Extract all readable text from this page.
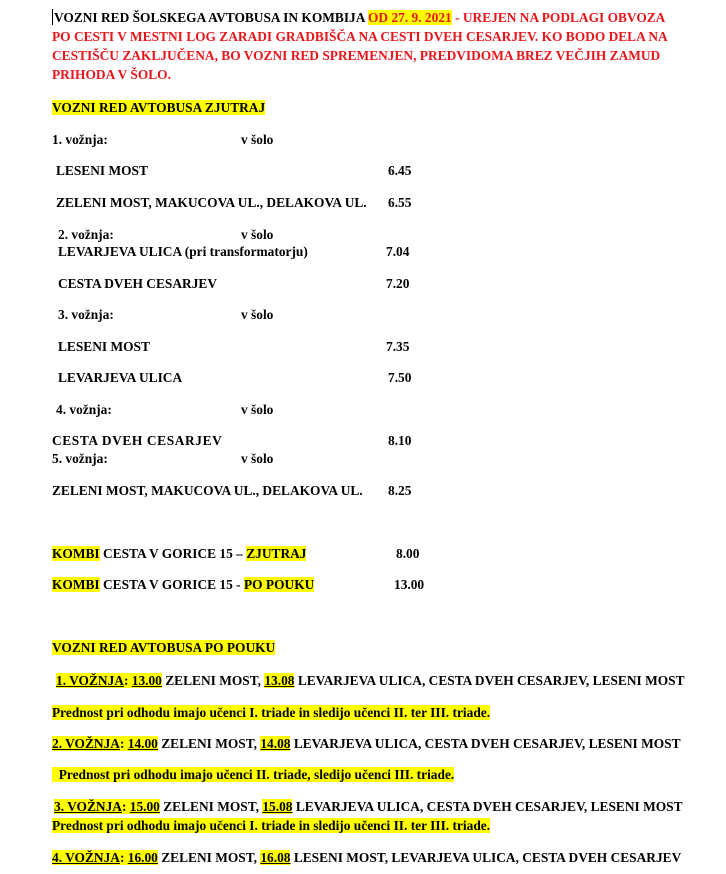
VOZNI RED ŠOLSKEGA AVTOBUSA IN KOMBIJA OD 27. 9. 2021 - UREJEN NA PODLAGI OBVOZA
PO CESTI V MESTNI LOG ZARADI GRADBIŠČA NA CESTI DVEH CESARJEV. KO BODO DELA NA
CESTIŠČU ZAKLJUČENA, BO VOZNI RED SPREMENJEN, PREDVIDOMA BREZ VEČJIH ZAMUD
PRIHODA V ŠOLO.
VOZNI RED AVTOBUSA ZJUTRAJ
1. vožnja:	v šolo
LESENI MOST	6.45
ZELENI MOST, MAKUCOVA UL., DELAKOVA UL. 6.55
2. vožnja:	v šolo
LEVARJEVA ULICA (pri transformatorju)	7.04
CESTA DVEH CESARJEV	7.20
3. vožnja:	v šolo
LESENI MOST	7.35
LEVARJEVA ULICA	7.50
4. vožnja:	v šolo
CESTA DVEH CESARJEV	8.10
5. vožnja:	v šolo
ZELENI MOST, MAKUCOVA UL., DELAKOVA UL. 8.25
KOMBI CESTA V GORICE 15 – ZJUTRAJ	8.00
KOMBI CESTA V GORICE 15 - PO POUKU	13.00
VOZNI RED AVTOBUSA PO POUKU
1. VOŽNJA: 13.00 ZELENI MOST, 13.08 LEVARJEVA ULICA, CESTA DVEH CESARJEV, LESENI MOST
Prednost pri odhodu imajo učenci I. triade in sledijo učenci II. ter III. triade.
2. VOŽNJA: 14.00 ZELENI MOST, 14.08 LEVARJEVA ULICA, CESTA DVEH CESARJEV, LESENI MOST
Prednost pri odhodu imajo učenci II. triade, sledijo učenci III. triade.
3. VOŽNJA: 15.00 ZELENI MOST, 15.08 LEVARJEVA ULICA, CESTA DVEH CESARJEV, LESENI MOST
Prednost pri odhodu imajo učenci I. triade in sledijo učenci II. ter III. triade.
4. VOŽNJA: 16.00 ZELENI MOST, 16.08 LESENI MOST, LEVARJEVA ULICA, CESTA DVEH CESARJEV
